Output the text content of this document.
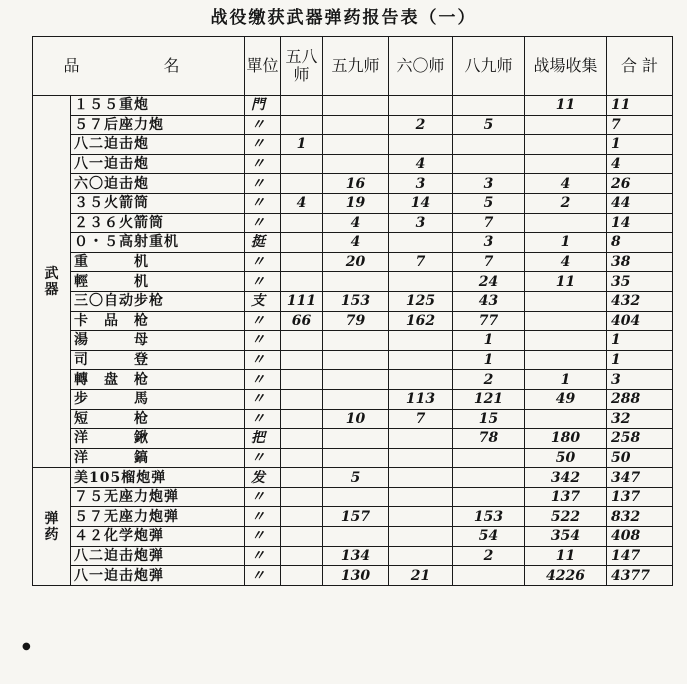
战役缴获武器弹药报告表（一）
品　名		單位	五八师	五九师	六〇师	八九师	战場收集	合 計
武　器	１５５重炮	門					11	11
	５７后座力炮	〃			2	5		7
	八二迫击炮	〃	1					1
	八一迫击炮	〃			4			4
	六〇迫击炮	〃		16	3	3	4	26
	３５火箭筒	〃	4	19	14	5	2	44
	２３６火箭筒	〃		4	3	7		14
	０・５高射重机	挺		4		3	1	8
	重　　　机	〃		20	7	7	4	38
	輕　　　机	〃				24	11	35
	三〇自动步枪	支	111	153	125	43		432
	卡　品　枪	〃	66	79	162	77		404
	湯　　　母	〃				1		1
	司　　　登	〃				1		1
	轉　盘　枪	〃				2	1	3
	步　　　馬	〃			113	121	49	288
	短　　　枪	〃		10	7	15		32
	洋　　　鍬	把				78	180	258
	洋　　　鎬	〃					50	50
弹　药	美105榴炮弹	发		5			342	347
	７５无座力炮弹	〃					137	137
	５７无座力炮弹	〃		157		153	522	832
	４２化学炮弹	〃				54	354	408
	八二迫击炮弹	〃		134		2	11	147
	八一迫击炮弹	〃		130	21		4226	4377
●
